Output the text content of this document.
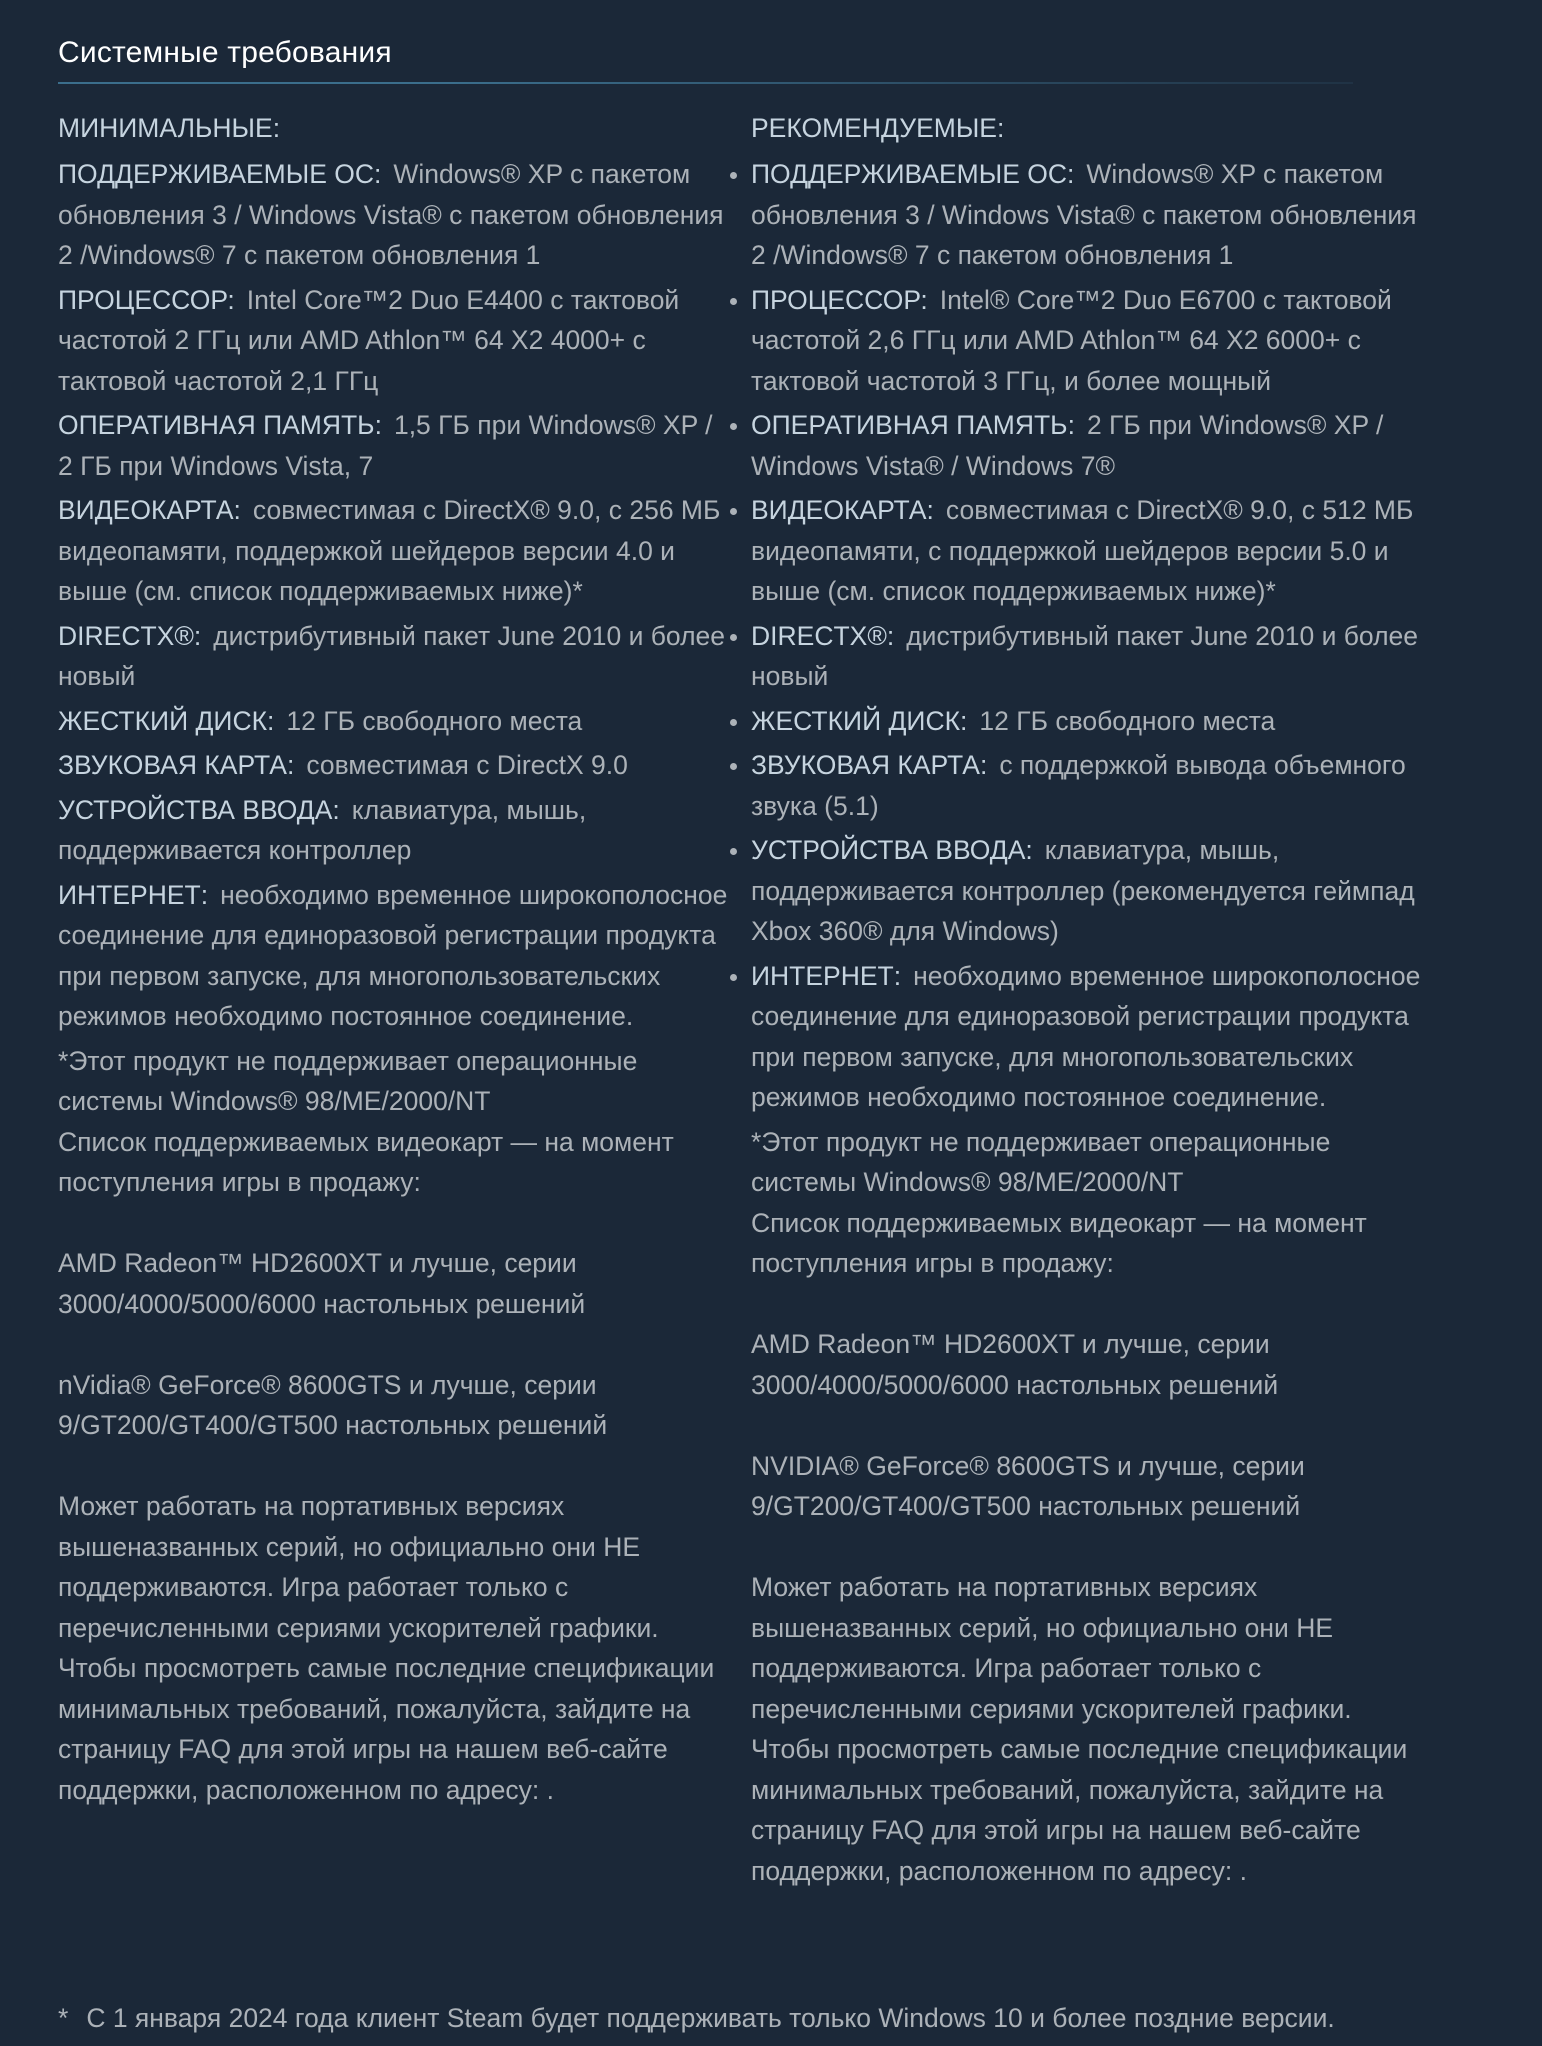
Системные требования
МИНИМАЛЬНЫЕ:
ПОДДЕРЖИВАЕМЫЕ ОС: Windows® XP с пакетом обновления 3 / Windows Vista® с пакетом обновления 2 /Windows® 7 с пакетом обновления 1
ПРОЦЕССОР: Intel Core™2 Duo E4400 с тактовой частотой 2 ГГц или AMD Athlon™ 64 X2 4000+ с тактовой частотой 2,1 ГГц
ОПЕРАТИВНАЯ ПАМЯТЬ: 1,5 ГБ при Windows® XP / 2 ГБ при Windows Vista, 7
ВИДЕОКАРТА: совместимая с DirectX® 9.0, с 256 МБ видеопамяти, поддержкой шейдеров версии 4.0 и выше (см. список поддерживаемых ниже)*
DIRECTX®: дистрибутивный пакет June 2010 и более новый
ЖЕСТКИЙ ДИСК: 12 ГБ свободного места
ЗВУКОВАЯ КАРТА: совместимая с DirectX 9.0
УСТРОЙСТВА ВВОДА: клавиатура, мышь, поддерживается контроллер
ИНТЕРНЕТ: необходимо временное широкополосное соединение для единоразовой регистрации продукта при первом запуске, для многопользовательских режимов необходимо постоянное соединение.

*Этот продукт не поддерживает операционные системы Windows® 98/ME/2000/NT

Список поддерживаемых видеокарт — на момент поступления игры в продажу:

AMD Radeon™ HD2600XT и лучше, серии 3000/4000/5000/6000 настольных решений

nVidia® GeForce® 8600GTS и лучше, серии 9/GT200/GT400/GT500 настольных решений

Может работать на портативных версиях вышеназванных серий, но официально они НЕ поддерживаются. Игра работает только с перечисленными сериями ускорителей графики. Чтобы просмотреть самые последние спецификации минимальных требований, пожалуйста, зайдите на страницу FAQ для этой игры на нашем веб-сайте поддержки, расположенном по адресу: .

РЕКОМЕНДУЕМЫЕ:
ПОДДЕРЖИВАЕМЫЕ ОС: Windows® XP с пакетом обновления 3 / Windows Vista® с пакетом обновления 2 /Windows® 7 с пакетом обновления 1
ПРОЦЕССОР: Intel® Core™2 Duo E6700 с тактовой частотой 2,6 ГГц или AMD Athlon™ 64 X2 6000+ с тактовой частотой 3 ГГц, и более мощный
ОПЕРАТИВНАЯ ПАМЯТЬ: 2 ГБ при Windows® XP / Windows Vista® / Windows 7®
ВИДЕОКАРТА: совместимая с DirectX® 9.0, с 512 МБ видеопамяти, с поддержкой шейдеров версии 5.0 и выше (см. список поддерживаемых ниже)*
DIRECTX®: дистрибутивный пакет June 2010 и более новый
ЖЕСТКИЙ ДИСК: 12 ГБ свободного места
ЗВУКОВАЯ КАРТА: с поддержкой вывода объемного звука (5.1)
УСТРОЙСТВА ВВОДА: клавиатура, мышь, поддерживается контроллер (рекомендуется геймпад Xbox 360® для Windows)
ИНТЕРНЕТ: необходимо временное широкополосное соединение для единоразовой регистрации продукта при первом запуске, для многопользовательских режимов необходимо постоянное соединение.

*Этот продукт не поддерживает операционные системы Windows® 98/ME/2000/NT

Список поддерживаемых видеокарт — на момент поступления игры в продажу:

AMD Radeon™ HD2600XT и лучше, серии 3000/4000/5000/6000 настольных решений

NVIDIA® GeForce® 8600GTS и лучше, серии 9/GT200/GT400/GT500 настольных решений

Может работать на портативных версиях вышеназванных серий, но официально они НЕ поддерживаются. Игра работает только с перечисленными сериями ускорителей графики. Чтобы просмотреть самые последние спецификации минимальных требований, пожалуйста, зайдите на страницу FAQ для этой игры на нашем веб-сайте поддержки, расположенном по адресу: .

* С 1 января 2024 года клиент Steam будет поддерживать только Windows 10 и более поздние версии.
